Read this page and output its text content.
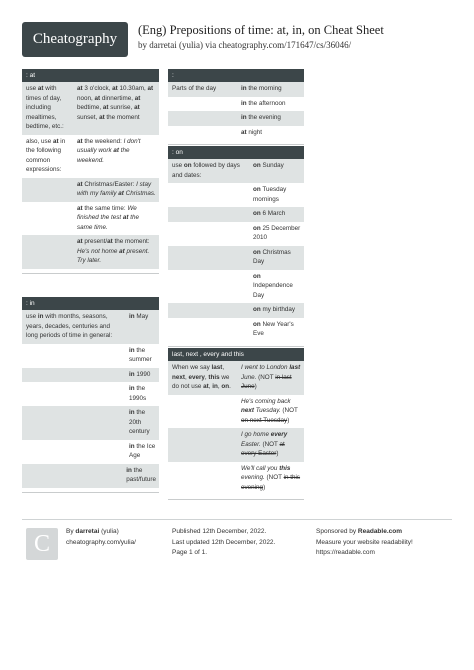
Cheatography
(Eng) Prepositions of time: at, in, on Cheat Sheet
by darretai (yulia) via cheatography.com/171647/cs/36046/
: at
use at with times of day, including mealtimes, bedtime, etc.:
at 3 o'clock, at 10.30am, at noon, at dinnertime, at bedtime, at sunrise, at sunset, at the moment
also, use at in the following common expressions:
at the weekend: I don't usually work at the weekend.
at Christmas/Easter: I stay with my family at Christmas.
at the same time: We finished the test at the same time.
at present/at the moment: He's not home at present. Try later.
: in
use in with months, seasons, years, decades, centuries and long periods of time in general:
in May
in the summer
in 1990
in the 1990s
in the 20th century
in the Ice Age
in the past/future
:
Parts of the day	in the morning
in the afternoon
in the evening
at night
: on
use on followed by days and dates:
on Sunday
on Tuesday mornings
on 6 March
on 25 December 2010
on Christmas Day
on Independence Day
on my birthday
on New Year's Eve
last, next , every and this
When we say last, next, every, this we do not use at, in, on.
I went to London last June. (NOT in last June)
He's coming back next Tuesday. (NOT on next Tuesday)
I go home every Easter. (NOT at every Easter)
We'll call you this evening. (NOT in this evening)
C	By darretai (yulia)
cheatography.com/yulia/
Published 12th December, 2022.
Last updated 12th December, 2022.
Page 1 of 1.
Sponsored by Readable.com
Measure your website readability!
https://readable.com
